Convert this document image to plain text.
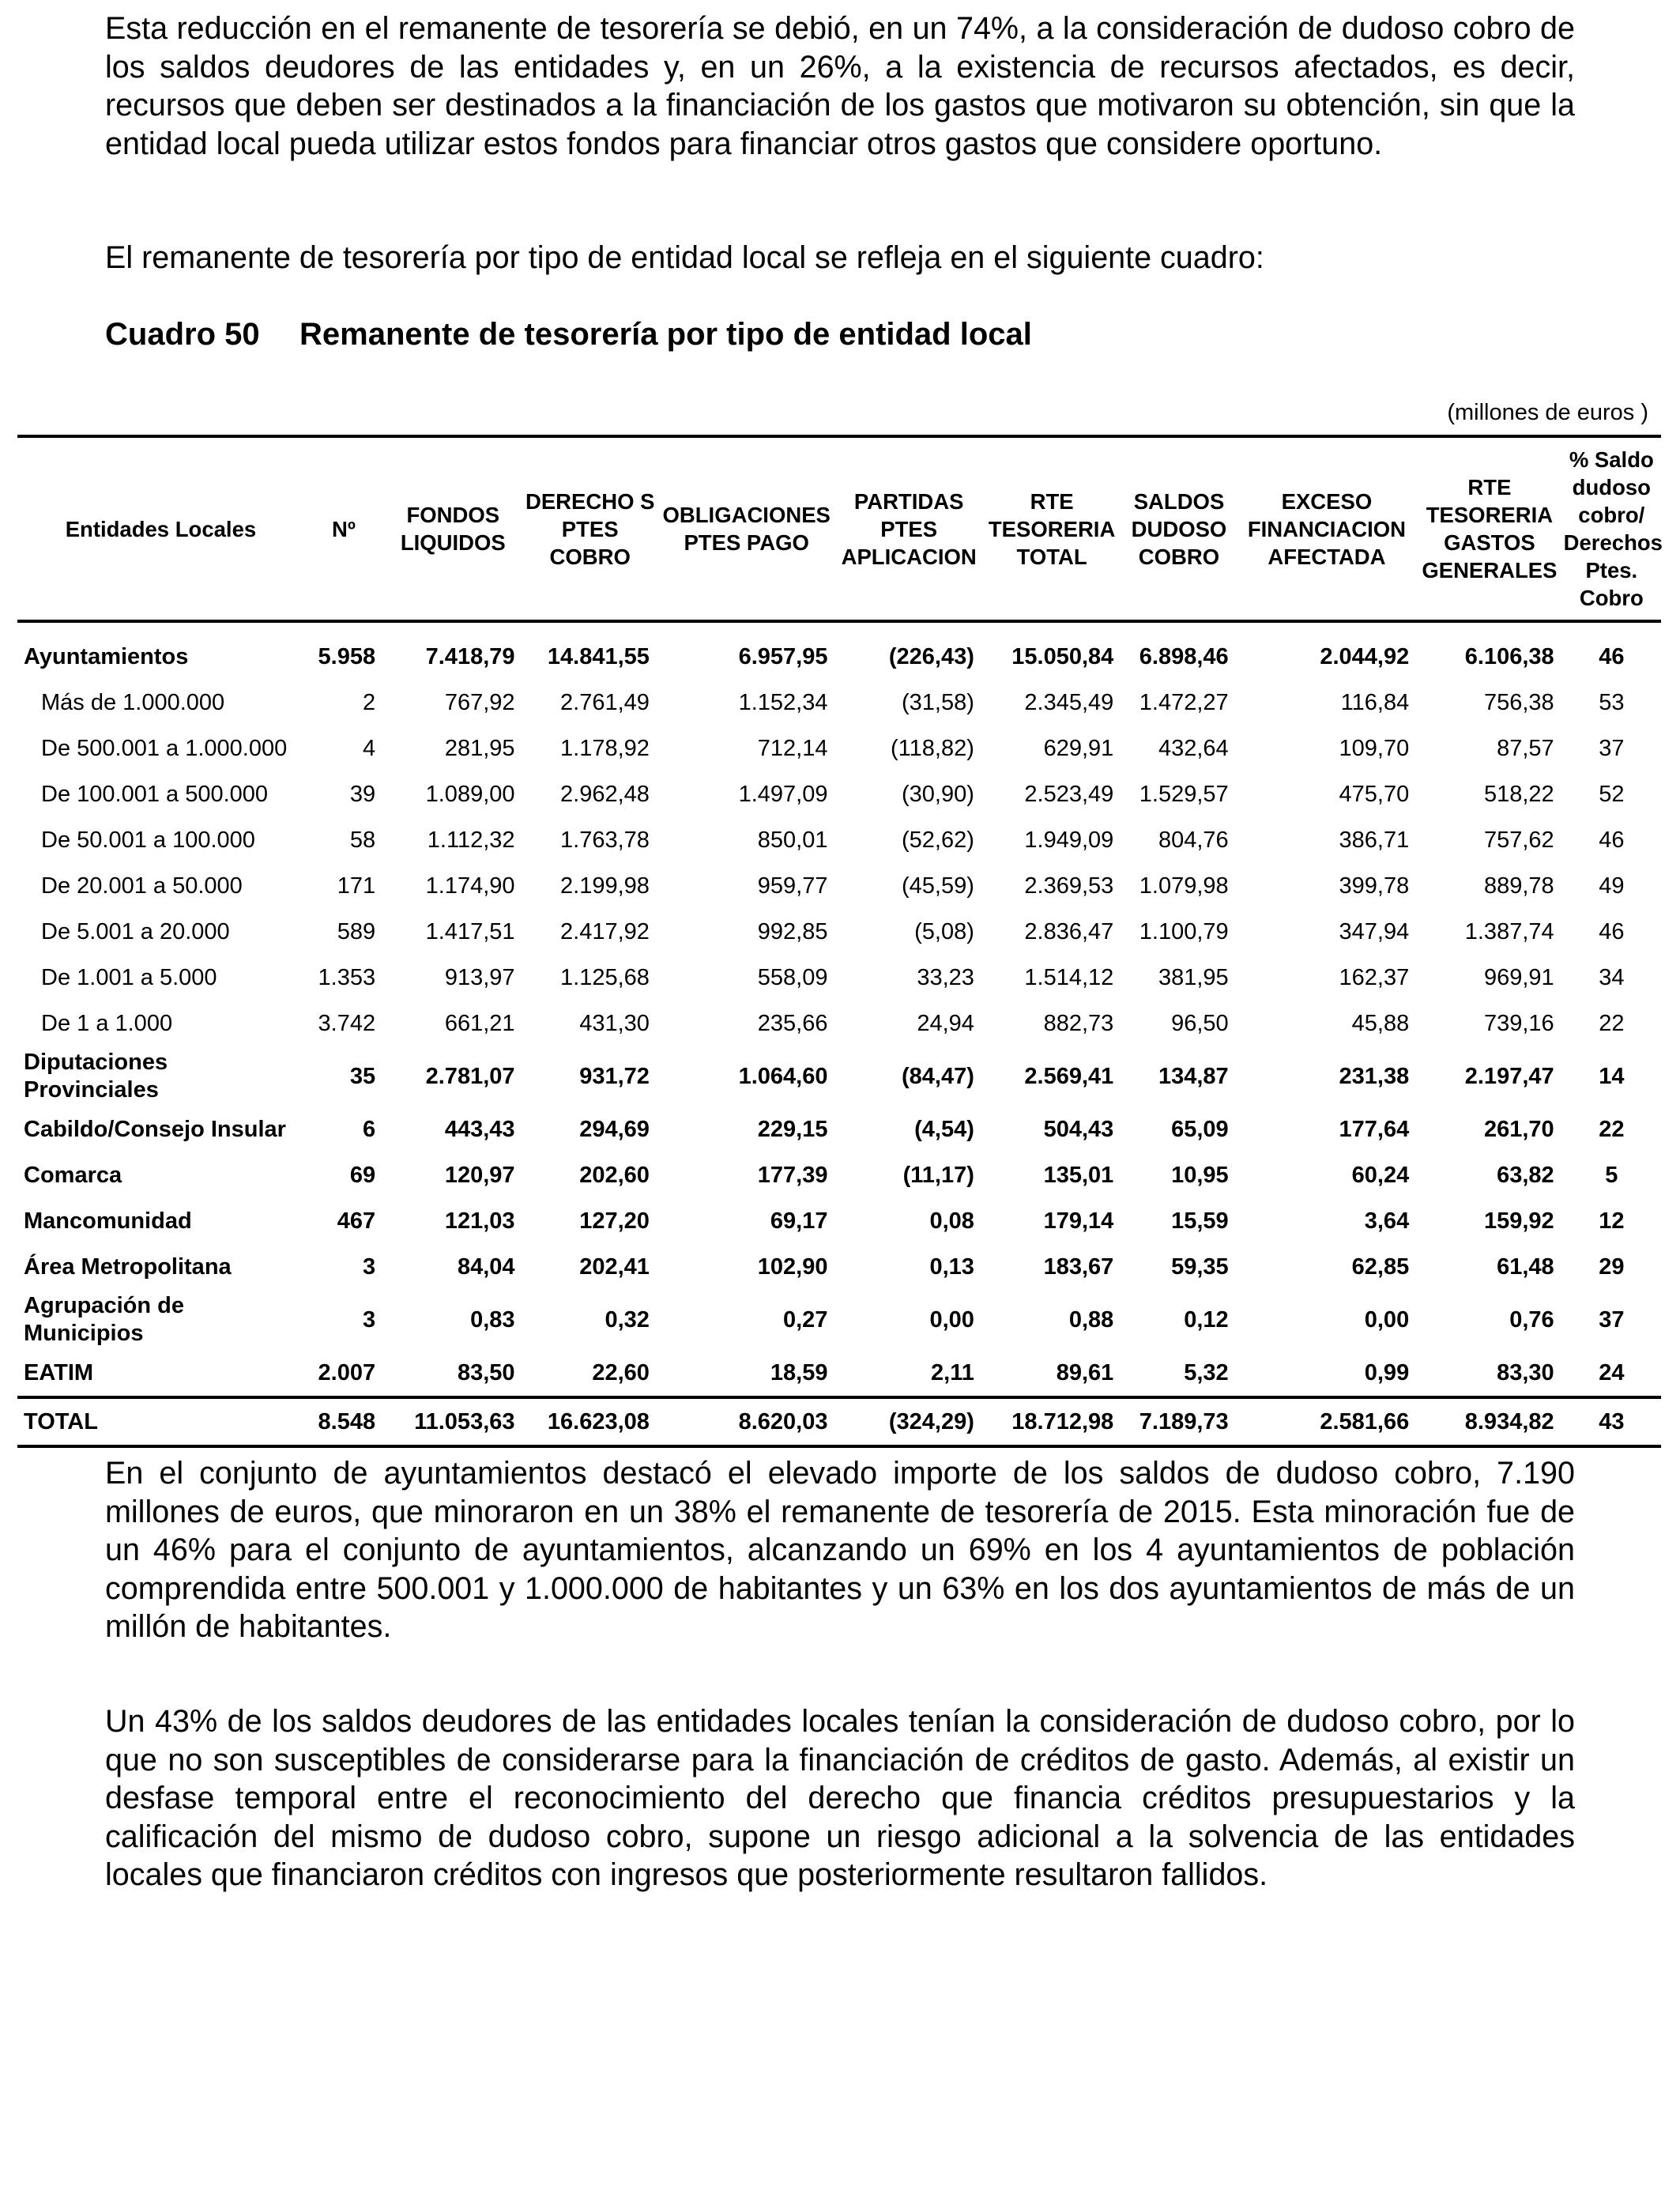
Esta reducción en el remanente de tesorería se debió, en un 74%, a la consideración de dudoso cobro de los saldos deudores de las entidades y, en un 26%, a la existencia de recursos afectados, es decir, recursos que deben ser destinados a la financiación de los gastos que motivaron su obtención, sin que la entidad local pueda utilizar estos fondos para financiar otros gastos que considere oportuno.

El remanente de tesorería por tipo de entidad local se refleja en el siguiente cuadro:

Cuadro 50 Remanente de tesorería por tipo de entidad local
(millones de euros )
Entidades Locales	Nº	FONDOS LIQUIDOS	DERECHO S PTES COBRO	OBLIGACIONES PTES PAGO	PARTIDAS PTES APLICACION	RTE TESORERIA TOTAL	SALDOS DUDOSO COBRO	EXCESO FINANCIACION AFECTADA	RTE TESORERIA GASTOS GENERALES	% Saldo dudoso cobro/ Derechos Ptes. Cobro
Ayuntamientos	5.958	7.418,79	14.841,55	6.957,95	(226,43)	15.050,84	6.898,46	2.044,92	6.106,38	46
Más de 1.000.000	2	767,92	2.761,49	1.152,34	(31,58)	2.345,49	1.472,27	116,84	756,38	53
De 500.001 a 1.000.000	4	281,95	1.178,92	712,14	(118,82)	629,91	432,64	109,70	87,57	37
De 100.001 a 500.000	39	1.089,00	2.962,48	1.497,09	(30,90)	2.523,49	1.529,57	475,70	518,22	52
De 50.001 a 100.000	58	1.112,32	1.763,78	850,01	(52,62)	1.949,09	804,76	386,71	757,62	46
De 20.001 a 50.000	171	1.174,90	2.199,98	959,77	(45,59)	2.369,53	1.079,98	399,78	889,78	49
De 5.001 a 20.000	589	1.417,51	2.417,92	992,85	(5,08)	2.836,47	1.100,79	347,94	1.387,74	46
De 1.001 a 5.000	1.353	913,97	1.125,68	558,09	33,23	1.514,12	381,95	162,37	969,91	34
De 1 a 1.000	3.742	661,21	431,30	235,66	24,94	882,73	96,50	45,88	739,16	22
Diputaciones Provinciales	35	2.781,07	931,72	1.064,60	(84,47)	2.569,41	134,87	231,38	2.197,47	14
Cabildo/Consejo Insular	6	443,43	294,69	229,15	(4,54)	504,43	65,09	177,64	261,70	22
Comarca	69	120,97	202,60	177,39	(11,17)	135,01	10,95	60,24	63,82	5
Mancomunidad	467	121,03	127,20	69,17	0,08	179,14	15,59	3,64	159,92	12
Área Metropolitana	3	84,04	202,41	102,90	0,13	183,67	59,35	62,85	61,48	29
Agrupación de Municipios	3	0,83	0,32	0,27	0,00	0,88	0,12	0,00	0,76	37
EATIM	2.007	83,50	22,60	18,59	2,11	89,61	5,32	0,99	83,30	24
TOTAL	8.548	11.053,63	16.623,08	8.620,03	(324,29)	18.712,98	7.189,73	2.581,66	8.934,82	43

En el conjunto de ayuntamientos destacó el elevado importe de los saldos de dudoso cobro, 7.190 millones de euros, que minoraron en un 38% el remanente de tesorería de 2015. Esta minoración fue de un 46% para el conjunto de ayuntamientos, alcanzando un 69% en los 4 ayuntamientos de población comprendida entre 500.001 y 1.000.000 de habitantes y un 63% en los dos ayuntamientos de más de un millón de habitantes.

Un 43% de los saldos deudores de las entidades locales tenían la consideración de dudoso cobro, por lo que no son susceptibles de considerarse para la financiación de créditos de gasto. Además, al existir un desfase temporal entre el reconocimiento del derecho que financia créditos presupuestarios y la calificación del mismo de dudoso cobro, supone un riesgo adicional a la solvencia de las entidades locales que financiaron créditos con ingresos que posteriormente resultaron fallidos.
